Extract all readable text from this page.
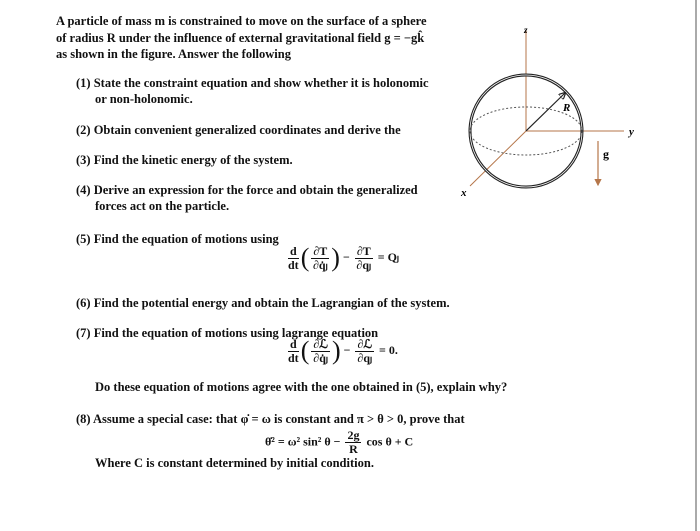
A particle of mass m is constrained to move on the surface of a sphere
of radius R under the influence of external gravitational field g = −gk̂
as shown in the figure. Answer the following
(1) State the constraint equation and show whether it is holonomic
or non-holonomic.
(2) Obtain convenient generalized coordinates and derive the
(3) Find the kinetic energy of the system.
(4) Derive an expression for the force and obtain the generalized
forces act on the particle.
(5) Find the equation of motions using
$\frac{d}{dt}$ ( $\frac{\partial T}{\text{∂q̇ⱼ}}$ ) − $\frac{\partial T}{\text{∂qⱼ}}$ = Qⱼ
(6) Find the potential energy and obtain the Lagrangian of the system.
(7) Find the equation of motions using lagrange equation
$\frac{d}{dt}$ ( $\frac{\text{∂ℒ}}{\text{∂q̇ⱼ}}$ ) − $\frac{\text{∂ℒ}}{\text{∂qⱼ}} = 0$.
Do these equation of motions agree with the one obtained in (5), explain why?
(8) Assume a special case: that φ̇ = ω is constant and π > θ > 0, prove that
θ̇² = ω² sin² $\theta - \frac{2g}{R}$ cos θ + C
Where C is constant determined by initial condition.
z
y
x
R
g
